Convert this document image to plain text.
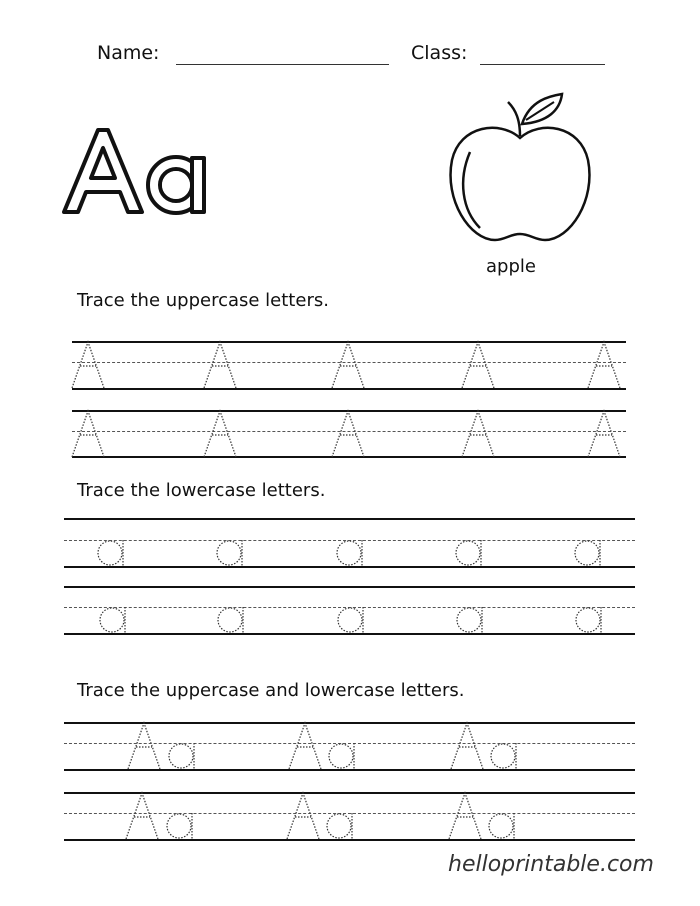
Name:	Class:
apple
Trace the uppercase letters.
Trace the lowercase letters.
Trace the uppercase and lowercase letters.
helloprintable.com
